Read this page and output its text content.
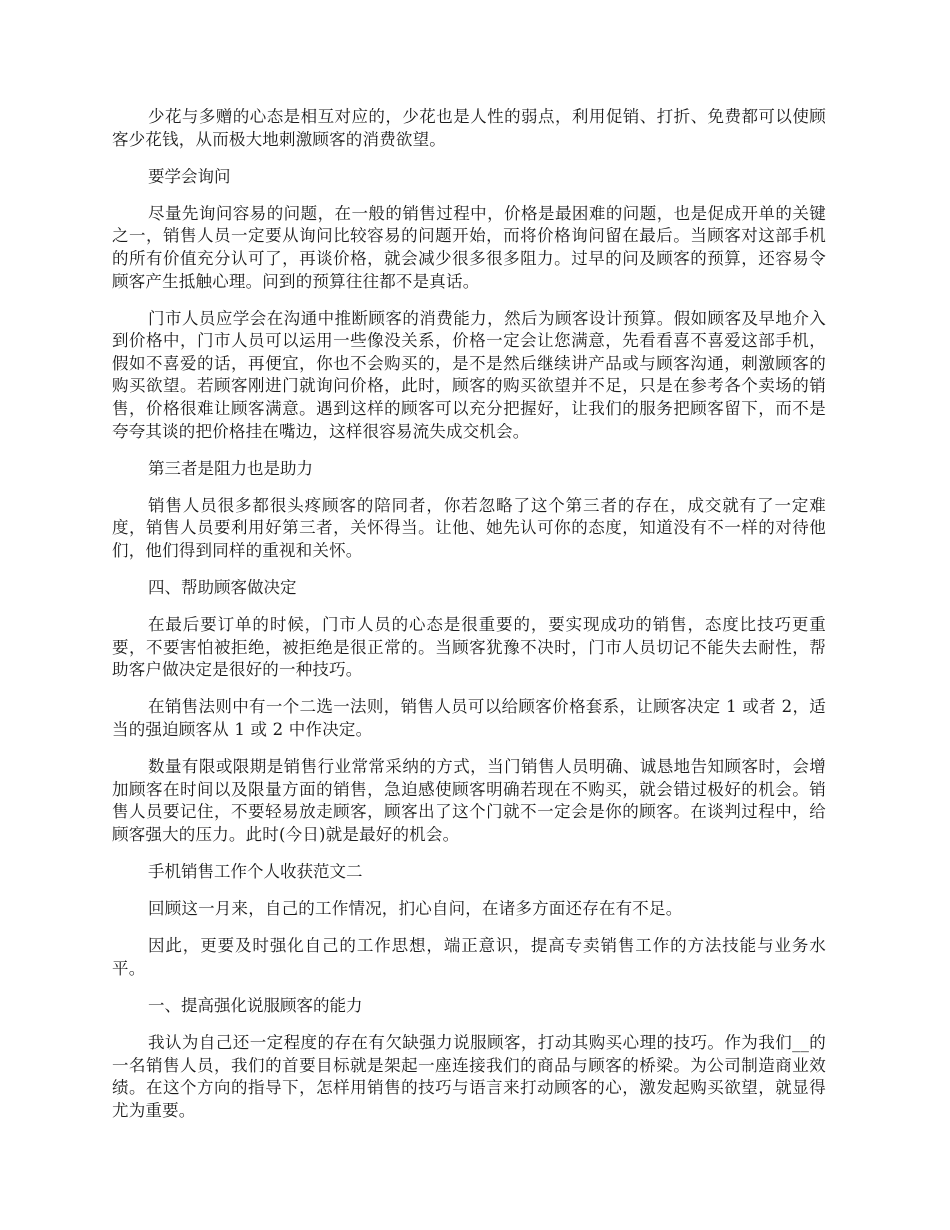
少花与多赠的心态是相互对应的，少花也是人性的弱点，利用促销、打折、免费都可以使顾客少花钱，从而极大地刺激顾客的消费欲望。

要学会询问

尽量先询问容易的问题，在一般的销售过程中，价格是最困难的问题，也是促成开单的关键之一，销售人员一定要从询问比较容易的问题开始，而将价格询问留在最后。当顾客对这部手机的所有价值充分认可了，再谈价格，就会减少很多很多阻力。过早的问及顾客的预算，还容易令顾客产生抵触心理。问到的预算往往都不是真话。

门市人员应学会在沟通中推断顾客的消费能力，然后为顾客设计预算。假如顾客及早地介入到价格中，门市人员可以运用一些像没关系，价格一定会让您满意，先看看喜不喜爱这部手机，假如不喜爱的话，再便宜，你也不会购买的，是不是然后继续讲产品或与顾客沟通，刺激顾客的购买欲望。若顾客刚进门就询问价格，此时，顾客的购买欲望并不足，只是在参考各个卖场的销售，价格很难让顾客满意。遇到这样的顾客可以充分把握好，让我们的服务把顾客留下，而不是夸夸其谈的把价格挂在嘴边，这样很容易流失成交机会。

第三者是阻力也是助力

销售人员很多都很头疼顾客的陪同者，你若忽略了这个第三者的存在，成交就有了一定难度，销售人员要利用好第三者，关怀得当。让他、她先认可你的态度，知道没有不一样的对待他们，他们得到同样的重视和关怀。

四、帮助顾客做决定

在最后要订单的时候，门市人员的心态是很重要的，要实现成功的销售，态度比技巧更重要，不要害怕被拒绝，被拒绝是很正常的。当顾客犹豫不决时，门市人员切记不能失去耐性，帮助客户做决定是很好的一种技巧。

在销售法则中有一个二选一法则，销售人员可以给顾客价格套系，让顾客决定 1 或者 2，适当的强迫顾客从 1 或 2 中作决定。

数量有限或限期是销售行业常常采纳的方式，当门销售人员明确、诚恳地告知顾客时，会增加顾客在时间以及限量方面的销售，急迫感使顾客明确若现在不购买，就会错过极好的机会。销售人员要记住，不要轻易放走顾客，顾客出了这个门就不一定会是你的顾客。在谈判过程中，给顾客强大的压力。此时(今日)就是最好的机会。

手机销售工作个人收获范文二

回顾这一月来，自己的工作情况，扪心自问，在诸多方面还存在有不足。

因此，更要及时强化自己的工作思想，端正意识，提高专卖销售工作的方法技能与业务水平。

一、提高强化说服顾客的能力

我认为自己还一定程度的存在有欠缺强力说服顾客，打动其购买心理的技巧。作为我们__的一名销售人员，我们的首要目标就是架起一座连接我们的商品与顾客的桥梁。为公司制造商业效绩。在这个方向的指导下，怎样用销售的技巧与语言来打动顾客的心，激发起购买欲望，就显得尤为重要。
